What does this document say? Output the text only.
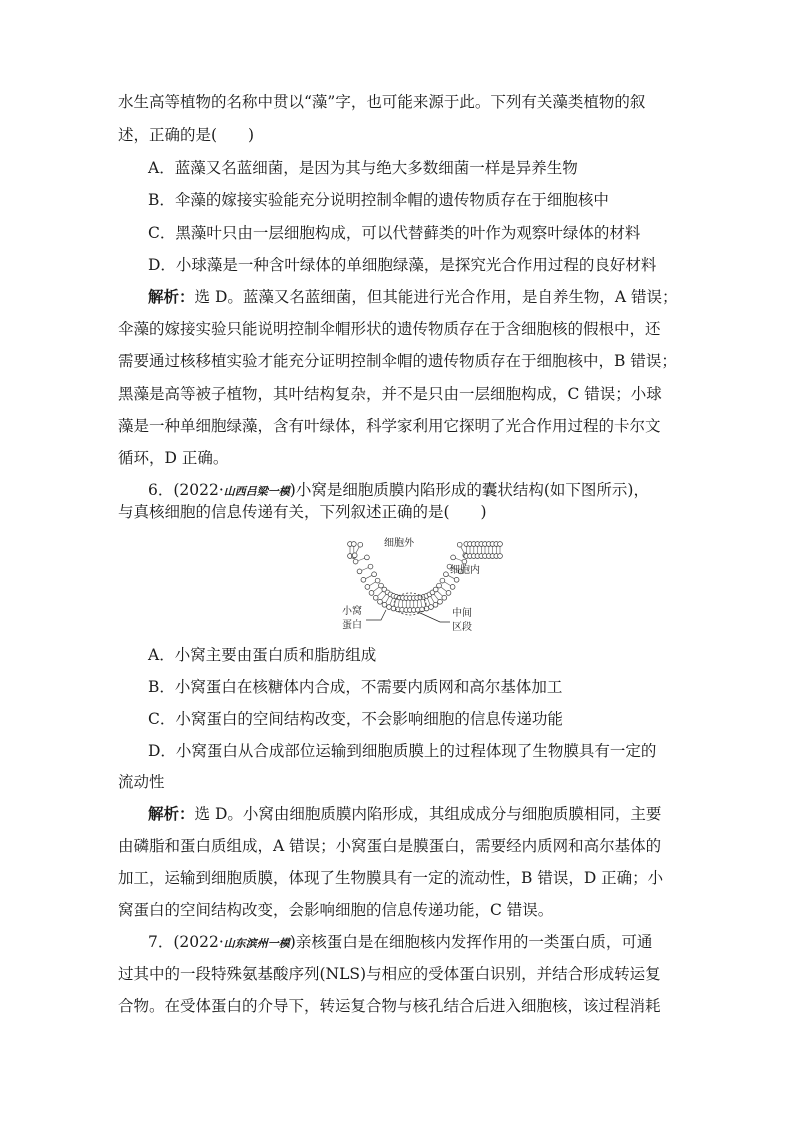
水生高等植物的名称中贯以“藻”字，也可能来源于此。下列有关藻类植物的叙
述，正确的是(　　)
A．蓝藻又名蓝细菌，是因为其与绝大多数细菌一样是异养生物
B．伞藻的嫁接实验能充分说明控制伞帽的遗传物质存在于细胞核中
C．黑藻叶只由一层细胞构成，可以代替藓类的叶作为观察叶绿体的材料
D．小球藻是一种含叶绿体的单细胞绿藻，是探究光合作用过程的良好材料
解析：选 D。蓝藻又名蓝细菌，但其能进行光合作用，是自养生物，A 错误；
伞藻的嫁接实验只能说明控制伞帽形状的遗传物质存在于含细胞核的假根中，还
需要通过核移植实验才能充分证明控制伞帽的遗传物质存在于细胞核中，B 错误；
黑藻是高等被子植物，其叶结构复杂，并不是只由一层细胞构成，C 错误；小球
藻是一种单细胞绿藻，含有叶绿体，科学家利用它探明了光合作用过程的卡尔文
循环，D 正确。
6．(2022·山西吕梁一模)小窝是细胞质膜内陷形成的囊状结构(如下图所示)，
与真核细胞的信息传递有关，下列叙述正确的是(　　)
细胞外
细胞内
小窝
蛋白
中间
区段
A．小窝主要由蛋白质和脂肪组成
B．小窝蛋白在核糖体内合成，不需要内质网和高尔基体加工
C．小窝蛋白的空间结构改变，不会影响细胞的信息传递功能
D．小窝蛋白从合成部位运输到细胞质膜上的过程体现了生物膜具有一定的
流动性
解析：选 D。小窝由细胞质膜内陷形成，其组成成分与细胞质膜相同，主要
由磷脂和蛋白质组成，A 错误；小窝蛋白是膜蛋白，需要经内质网和高尔基体的
加工，运输到细胞质膜，体现了生物膜具有一定的流动性，B 错误，D 正确；小
窝蛋白的空间结构改变，会影响细胞的信息传递功能，C 错误。
7．(2022·山东滨州一模)亲核蛋白是在细胞核内发挥作用的一类蛋白质，可通
过其中的一段特殊氨基酸序列(NLS)与相应的受体蛋白识别，并结合形成转运复
合物。在受体蛋白的介导下，转运复合物与核孔结合后进入细胞核，该过程消耗
